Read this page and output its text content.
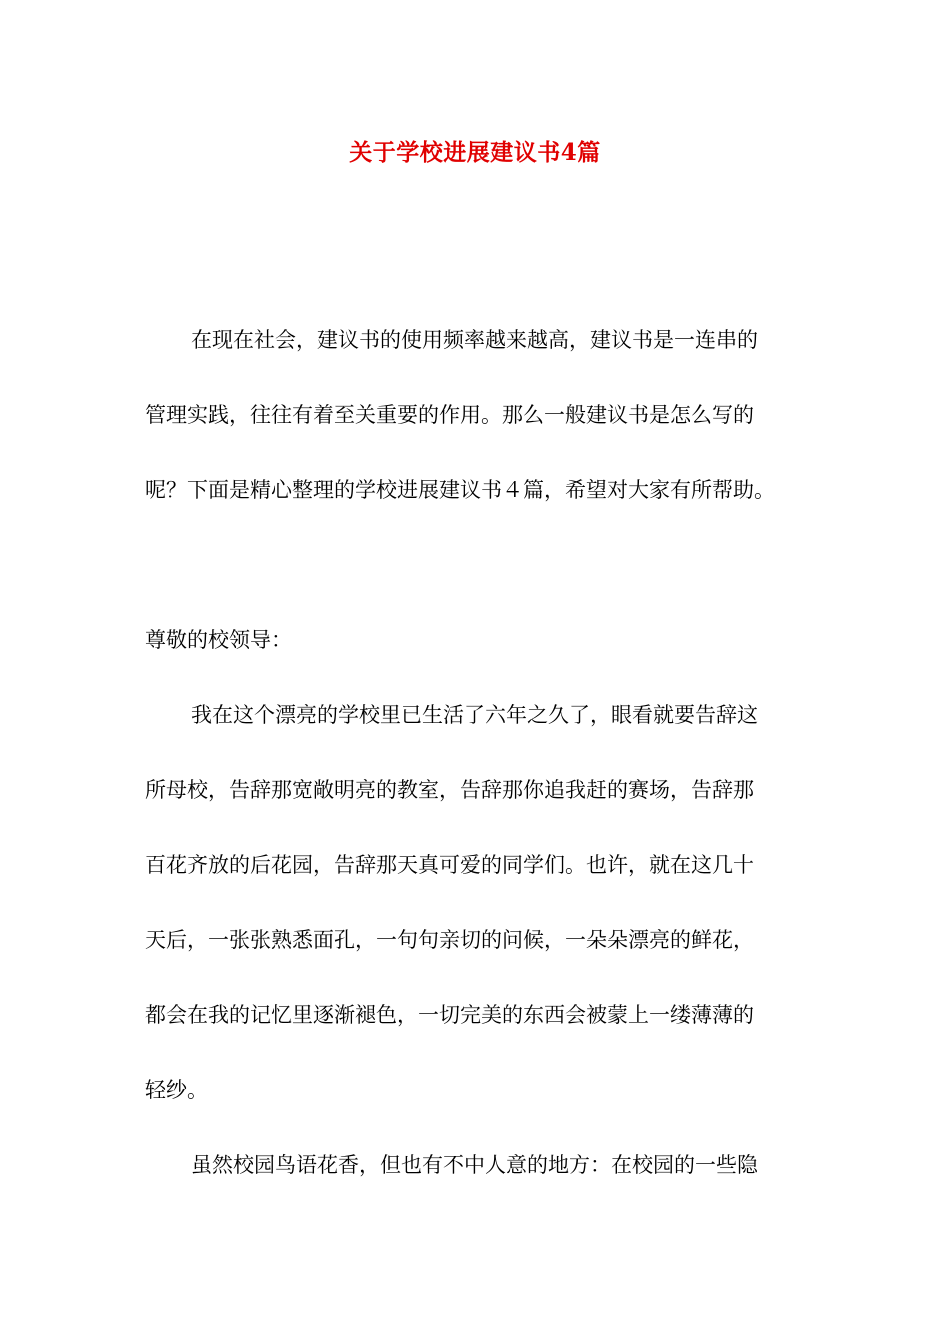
关于学校进展建议书4篇

在现在社会，建议书的使用频率越来越高，建议书是一连串的

管理实践，往往有着至关重要的作用。那么一般建议书是怎么写的

呢？下面是精心整理的学校进展建议书４篇，希望对大家有所帮助。

尊敬的校领导：

我在这个漂亮的学校里已生活了六年之久了，眼看就要告辞这

所母校，告辞那宽敞明亮的教室，告辞那你追我赶的赛场，告辞那

百花齐放的后花园，告辞那天真可爱的同学们。也许，就在这几十

天后，一张张熟悉面孔，一句句亲切的问候，一朵朵漂亮的鲜花，

都会在我的记忆里逐渐褪色，一切完美的东西会被蒙上一缕薄薄的

轻纱。

虽然校园鸟语花香，但也有不中人意的地方：在校园的一些隐
